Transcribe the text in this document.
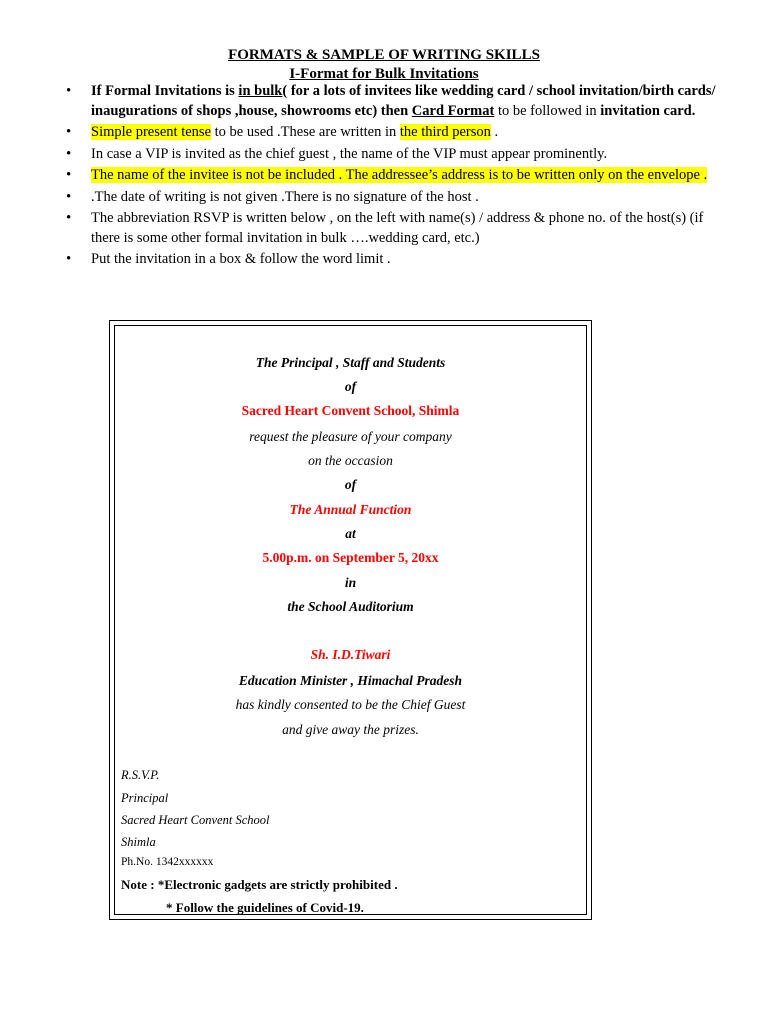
FORMATS & SAMPLE OF WRITING SKILLS
I-Format for Bulk Invitations
• If Formal Invitations is in bulk( for a lots of invitees like wedding card / school invitation/birth cards/ inaugurations of shops ,house, showrooms etc) then Card Format to be followed in invitation card.
• Simple present tense to be used .These are written in the third person .
• In case a VIP is invited as the chief guest , the name of the VIP must appear prominently.
• The name of the invitee is not be included . The addressee’s address is to be written only on the envelope .
• .The date of writing is not given .There is no signature of the host .
• The abbreviation RSVP is written below , on the left with name(s) / address & phone no. of the host(s) (if there is some other formal invitation in bulk ….wedding card, etc.)
• Put the invitation in a box & follow the word limit .
The Principal , Staff and Students
of
Sacred Heart Convent School, Shimla
request the pleasure of your company
on the occasion
of
The Annual Function
at
5.00p.m. on September 5, 20xx
in
the School Auditorium
Sh. I.D.Tiwari
Education Minister , Himachal Pradesh
has kindly consented to be the Chief Guest
and give away the prizes.
R.S.V.P.
Principal
Sacred Heart Convent School
Shimla
Ph.No. 1342xxxxxx
Note : *Electronic gadgets are strictly prohibited .
* Follow the guidelines of Covid-19.
